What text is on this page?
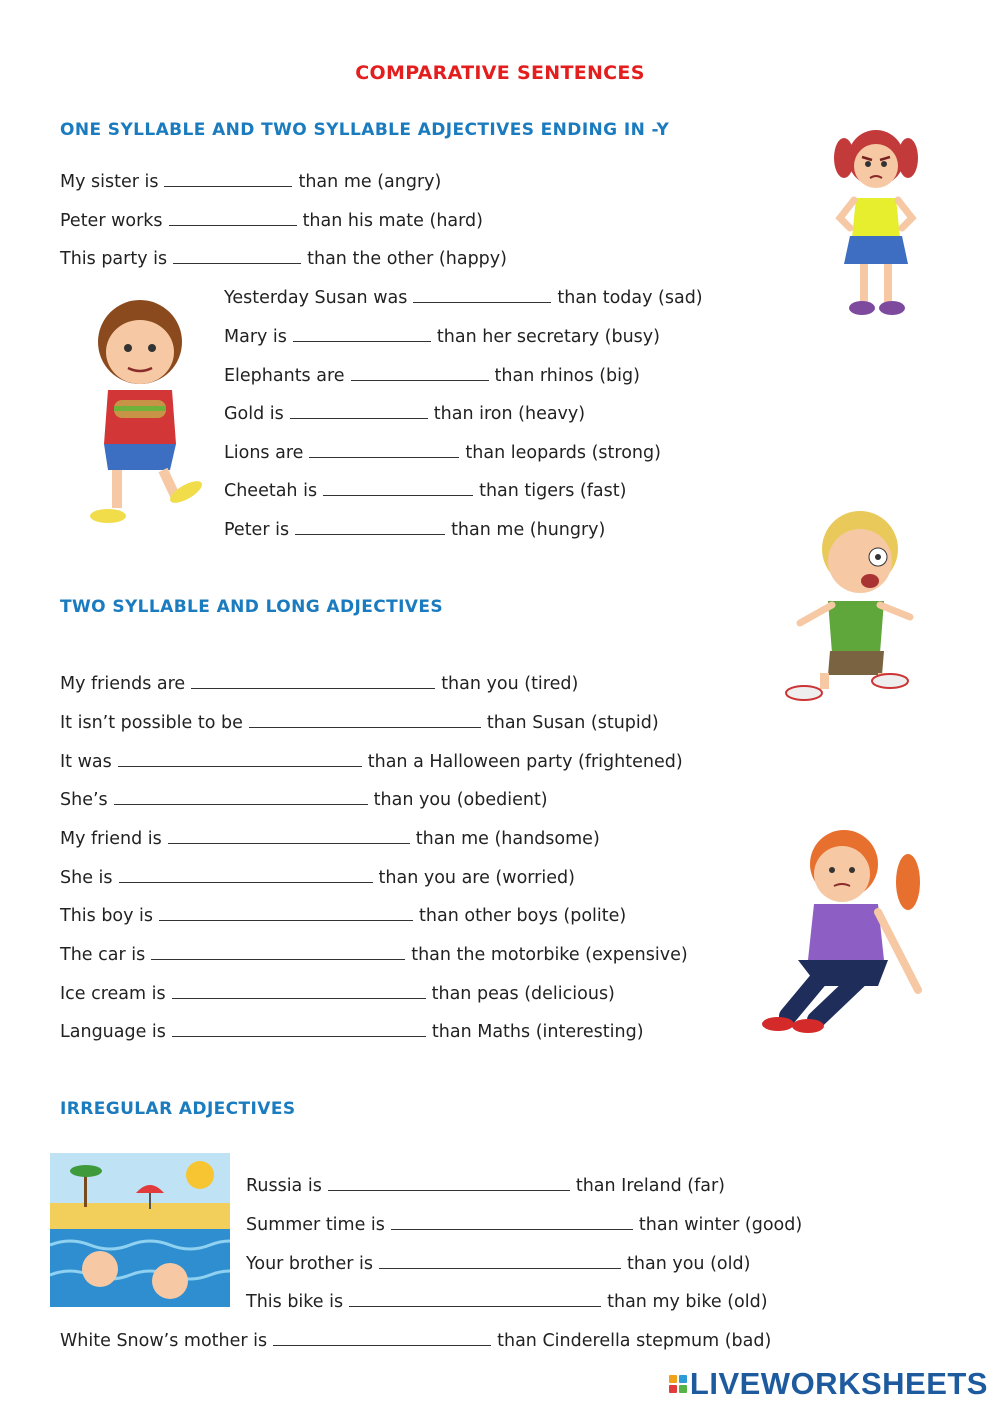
COMPARATIVE SENTENCES
ONE SYLLABLE AND TWO SYLLABLE ADJECTIVES ENDING IN -Y
My sister is	than me (angry)
Peter works	than his mate (hard)
This party is	than the other (happy)
Yesterday Susan was	than today (sad)
Mary is	than her secretary (busy)
Elephants are	than rhinos (big)
Gold is	than iron (heavy)
Lions are	than leopards (strong)
Cheetah is	than tigers (fast)
Peter is	than me (hungry)
TWO SYLLABLE AND LONG ADJECTIVES
My friends are	than you (tired)
It isn’t possible to be	than Susan (stupid)
It was	than a Halloween party (frightened)
She’s	than you (obedient)
My friend is	than me (handsome)
She is	than you are (worried)
This boy is	than other boys (polite)
The car is	than the motorbike (expensive)
Ice cream is	than peas (delicious)
Language is	than Maths (interesting)
IRREGULAR ADJECTIVES
Russia is	than Ireland (far)
Summer time is	than winter (good)
Your brother is	than you (old)
This bike is	than my bike (old)
White Snow’s mother is	than Cinderella stepmum (bad)
LIVEWORKSHEETS
